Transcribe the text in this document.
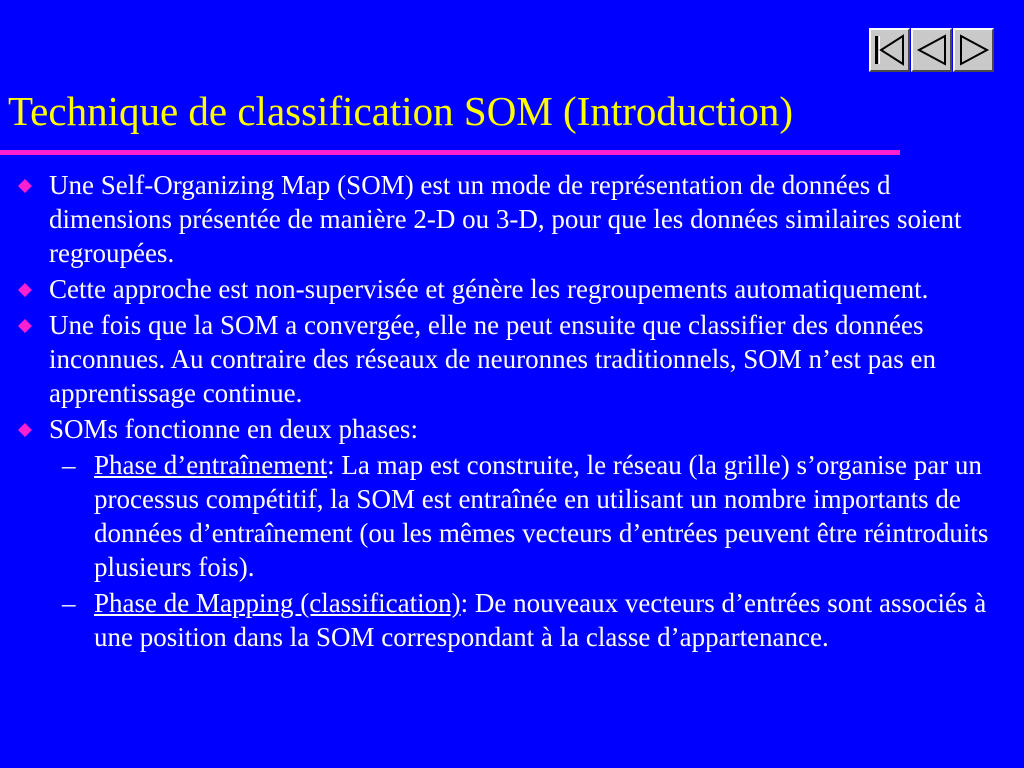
Technique de classification SOM (Introduction)
Une Self-Organizing Map (SOM) est un mode de représentation de données d dimensions présentée de manière 2-D ou 3-D, pour que les données similaires soient regroupées.
Cette approche est non-supervisée et génère les regroupements automatiquement.
Une fois que la SOM a convergée, elle ne peut ensuite que classifier des données inconnues. Au contraire des réseaux de neuronnes traditionnels, SOM n’est pas en apprentissage continue.
SOMs fonctionne en deux phases:
– Phase d’entraînement: La map est construite, le réseau (la grille) s’organise par un processus compétitif, la SOM est entraînée en utilisant un nombre importants de données d’entraînement (ou les mêmes vecteurs d’entrées peuvent être réintroduits plusieurs fois).
– Phase de Mapping (classification): De nouveaux vecteurs d’entrées sont associés à une position dans la SOM correspondant à la classe d’appartenance.
